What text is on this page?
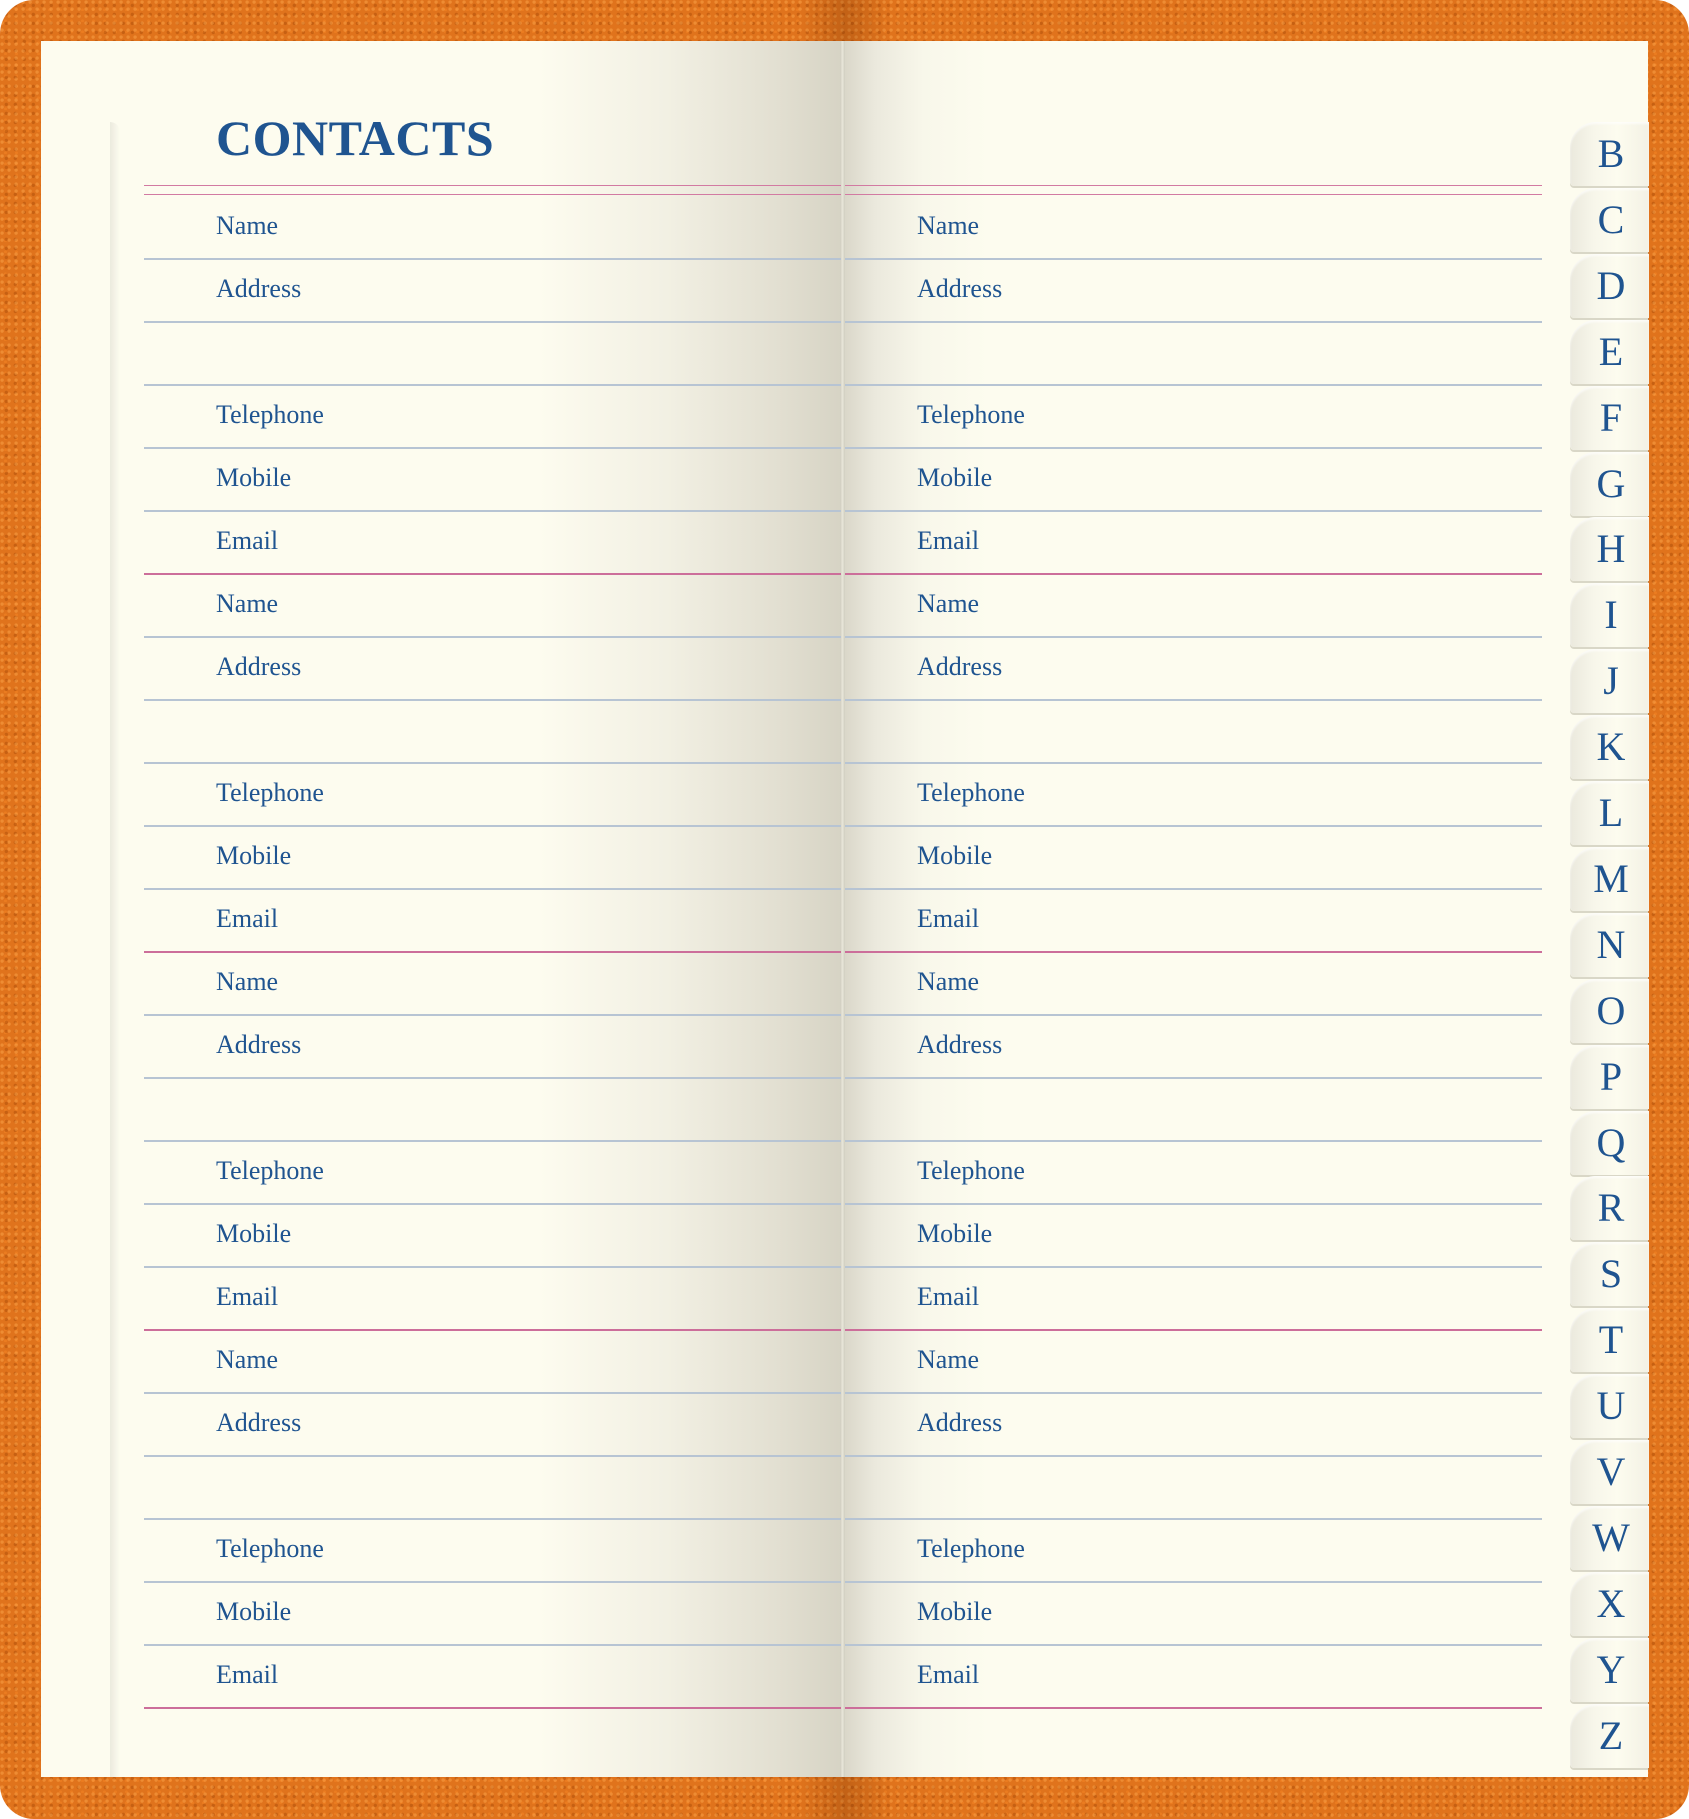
CONTACTS
Name
Address
Telephone
Mobile
Email
Name
Address
Telephone
Mobile
Email
Name
Address
Telephone
Mobile
Email
Name
Address
Telephone
Mobile
Email
Name
Address
Telephone
Mobile
Email
Name
Address
Telephone
Mobile
Email
Name
Address
Telephone
Mobile
Email
Name
Address
Telephone
Mobile
Email
B
C
D
E
F
G
H
I
J
K
L
M
N
O
P
Q
R
S
T
U
V
W
X
Y
Z
